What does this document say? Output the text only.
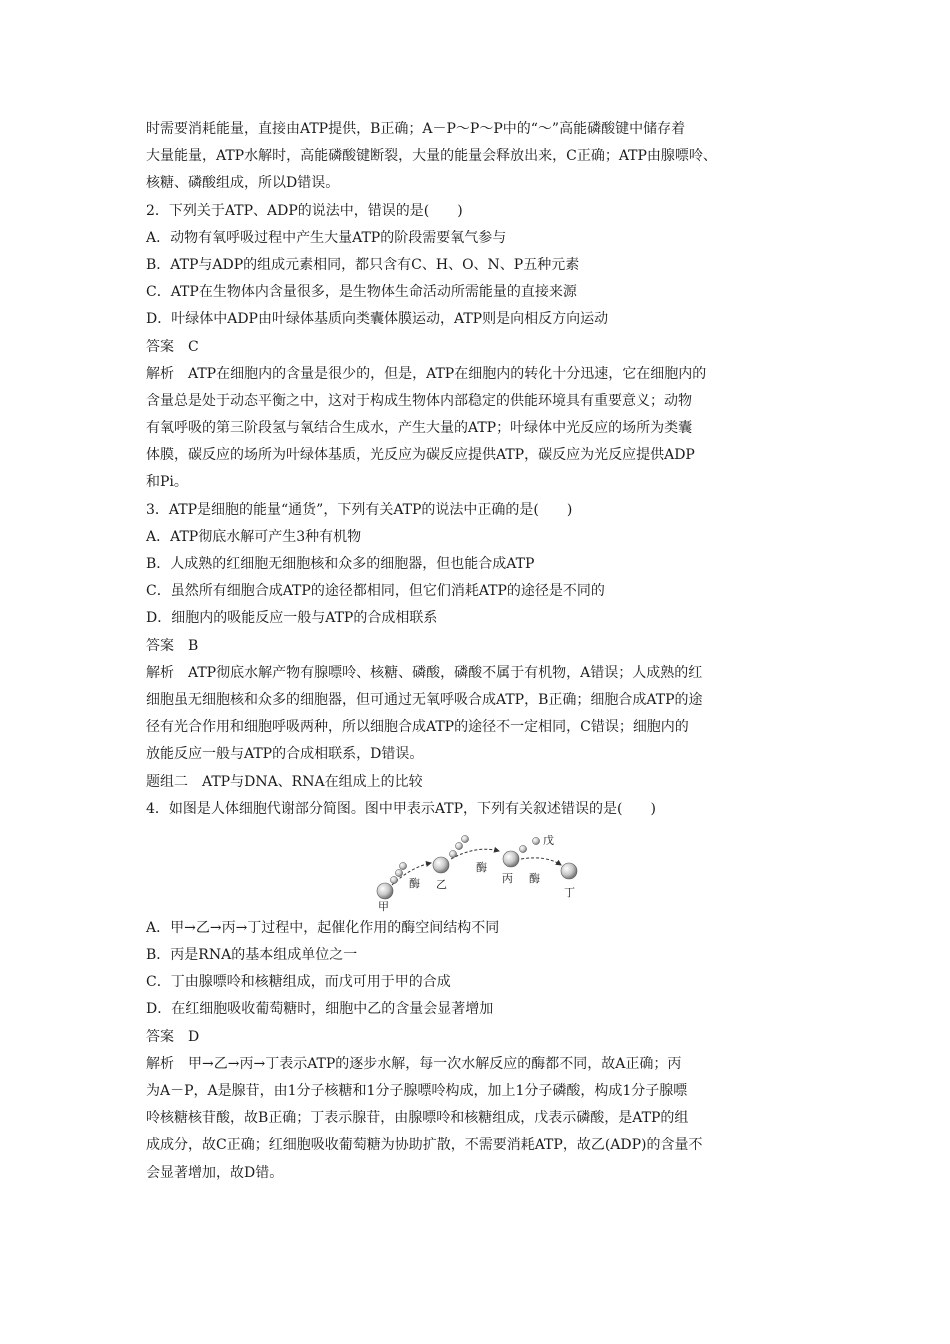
时需要消耗能量，直接由ATP提供，B正确；A－P～P～P中的“～”高能磷酸键中储存着
大量能量，ATP水解时，高能磷酸键断裂，大量的能量会释放出来，C正确；ATP由腺嘌呤、
核糖、磷酸组成，所以D错误。
2．下列关于ATP、ADP的说法中，错误的是(　　)
A．动物有氧呼吸过程中产生大量ATP的阶段需要氧气参与
B．ATP与ADP的组成元素相同，都只含有C、H、O、N、P五种元素
C．ATP在生物体内含量很多，是生物体生命活动所需能量的直接来源
D．叶绿体中ADP由叶绿体基质向类囊体膜运动，ATP则是向相反方向运动
答案　C
解析　ATP在细胞内的含量是很少的，但是，ATP在细胞内的转化十分迅速，它在细胞内的
含量总是处于动态平衡之中，这对于构成生物体内部稳定的供能环境具有重要意义；动物
有氧呼吸的第三阶段氢与氧结合生成水，产生大量的ATP；叶绿体中光反应的场所为类囊
体膜，碳反应的场所为叶绿体基质，光反应为碳反应提供ATP，碳反应为光反应提供ADP
和Pi。
3．ATP是细胞的能量“通货”，下列有关ATP的说法中正确的是(　　)
A．ATP彻底水解可产生3种有机物
B．人成熟的红细胞无细胞核和众多的细胞器，但也能合成ATP
C．虽然所有细胞合成ATP的途径都相同，但它们消耗ATP的途径是不同的
D．细胞内的吸能反应一般与ATP的合成相联系
答案　B
解析　ATP彻底水解产物有腺嘌呤、核糖、磷酸，磷酸不属于有机物，A错误；人成熟的红
细胞虽无细胞核和众多的细胞器，但可通过无氧呼吸合成ATP，B正确；细胞合成ATP的途
径有光合作用和细胞呼吸两种，所以细胞合成ATP的途径不一定相同，C错误；细胞内的
放能反应一般与ATP的合成相联系，D错误。
题组二　ATP与DNA、RNA在组成上的比较
4．如图是人体细胞代谢部分简图。图中甲表示ATP，下列有关叙述错误的是(　　)
甲
乙	丙
丁
戊
酶
酶
酶
A．甲→乙→丙→丁过程中，起催化作用的酶空间结构不同
B．丙是RNA的基本组成单位之一
C．丁由腺嘌呤和核糖组成，而戊可用于甲的合成
D．在红细胞吸收葡萄糖时，细胞中乙的含量会显著增加
答案　D
解析　甲→乙→丙→丁表示ATP的逐步水解，每一次水解反应的酶都不同，故A正确；丙
为A－P，A是腺苷，由1分子核糖和1分子腺嘌呤构成，加上1分子磷酸，构成1分子腺嘌
呤核糖核苷酸，故B正确；丁表示腺苷，由腺嘌呤和核糖组成，戊表示磷酸，是ATP的组
成成分，故C正确；红细胞吸收葡萄糖为协助扩散，不需要消耗ATP，故乙(ADP)的含量不
会显著增加，故D错。
